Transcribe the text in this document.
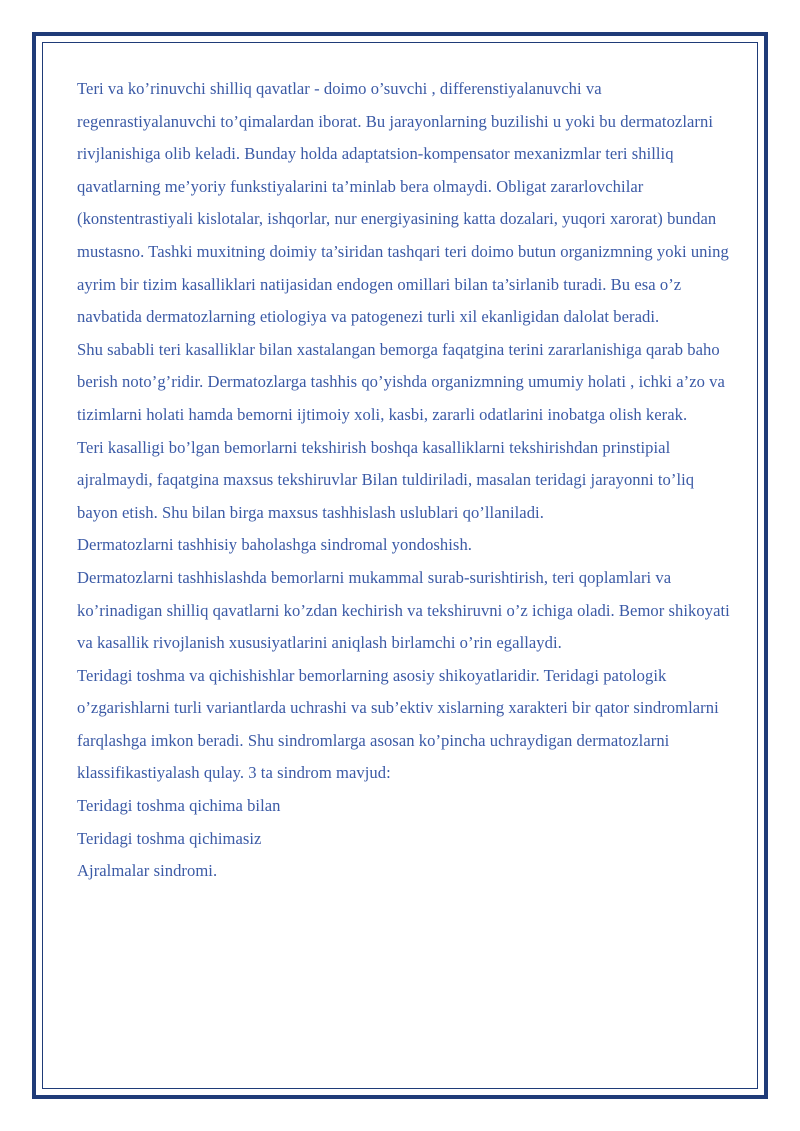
Teri va ko’rinuvchi shilliq qavatlar - doimo o’suvchi , differenstiyalanuvchi va regenrastiyalanuvchi to’qimalardan iborat. Bu jarayonlarning buzilishi u yoki bu dermatozlarni rivjlanishiga olib keladi. Bunday holda adaptatsion-kompensator mexanizmlar teri shilliq qavatlarning me’yoriy funkstiyalarini ta’minlab bera olmaydi. Obligat zararlovchilar (konstentrastiyali kislotalar, ishqorlar, nur energiyasining katta dozalari, yuqori xarorat) bundan mustasno. Tashki muxitning doimiy ta’siridan tashqari teri doimo butun organizmning yoki uning ayrim bir tizim kasalliklari natijasidan endogen omillari bilan ta’sirlanib turadi. Bu esa o’z navbatida dermatozlarning etiologiya va patogenezi turli xil ekanligidan dalolat beradi.

Shu sababli teri kasalliklar bilan xastalangan bemorga faqatgina terini zararlanishiga qarab baho berish noto’g’ridir. Dermatozlarga tashhis qo’yishda organizmning umumiy holati , ichki a’zo va tizimlarni holati hamda bemorni ijtimoiy xoli, kasbi, zararli odatlarini inobatga olish kerak.

Teri kasalligi bo’lgan bemorlarni tekshirish boshqa kasalliklarni tekshirishdan prinstipial ajralmaydi, faqatgina maxsus tekshiruvlar Bilan tuldiriladi, masalan teridagi jarayonni to’liq bayon etish. Shu bilan birga maxsus tashhislash uslublari qo’llaniladi.

Dermatozlarni tashhisiy baholashga sindromal yondoshish.

Dermatozlarni tashhislashda bemorlarni mukammal surab-surishtirish, teri qoplamlari va ko’rinadigan shilliq qavatlarni ko’zdan kechirish va tekshiruvni o’z ichiga oladi. Bemor shikoyati va kasallik rivojlanish xususiyatlarini aniqlash birlamchi o’rin egallaydi.

Teridagi toshma va qichishishlar bemorlarning asosiy shikoyatlaridir. Teridagi patologik o’zgarishlarni turli variantlarda uchrashi va sub’ektiv xislarning xarakteri bir qator sindromlarni farqlashga imkon beradi. Shu sindromlarga asosan ko’pincha uchraydigan dermatozlarni klassifikastiyalash qulay. 3 ta sindrom mavjud:

Teridagi toshma qichima bilan

Teridagi toshma qichimasiz

Ajralmalar sindromi.
